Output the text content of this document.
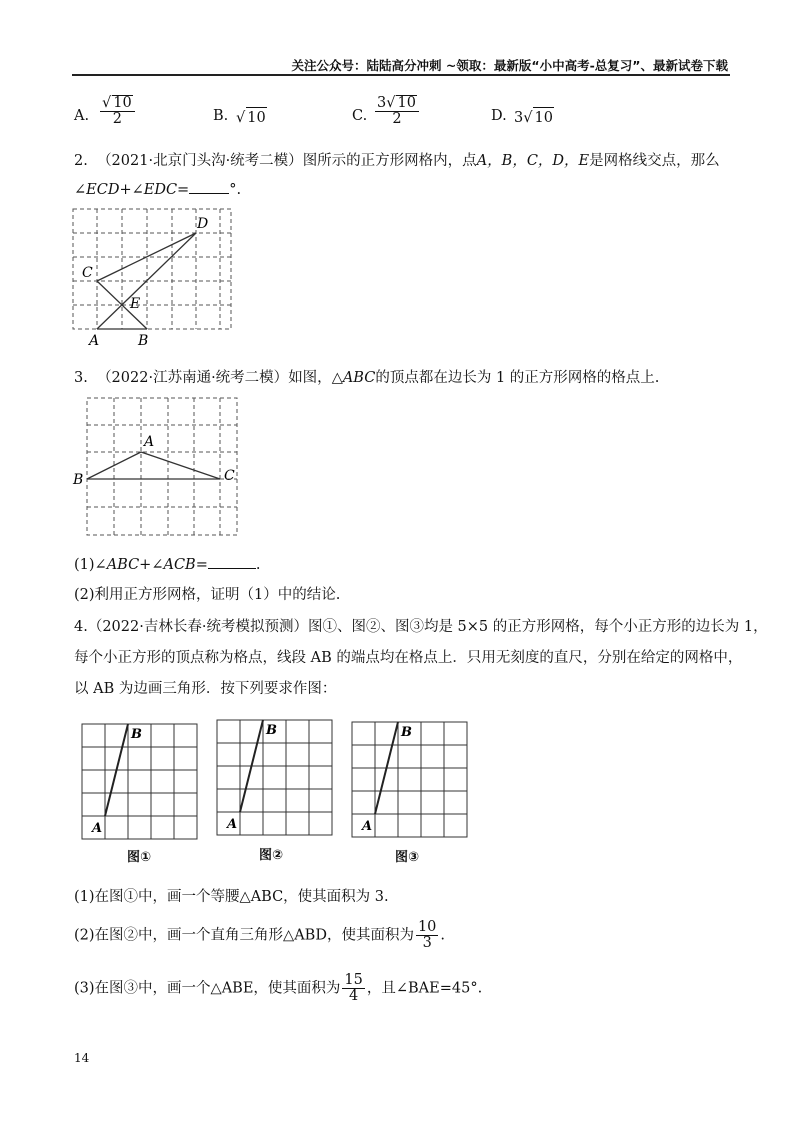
关注公众号：陆陆高分冲刺 ~领取：最新版“小中高考-总复习”、最新试卷下载
A. $\frac{√ 10}{2}$	B. √ 10	C. $\frac{3√ 10}{2}$	D. 3√ 10
2. （2021·北京门头沟·统考二模）图所示的正方形网格内，点A，B，C，D，E是网格线交点，那么
∠ECD+∠EDC=	°.
D
C
E
A	B
3. （2022·江苏南通·统考二模）如图，△ABC的顶点都在边长为 1 的正方形网格的格点上.
A
B	C
(1)∠ABC+∠ACB=	.
(2)利用正方形网格，证明（1）中的结论.
4.（2022·吉林长春·统考模拟预测）图①、图②、图③均是 5×5 的正方形网格，每个小正方形的边长为 1，
每个小正方形的顶点称为格点，线段 AB 的端点均在格点上．只用无刻度的直尺，分别在给定的网格中，
以 AB 为边画三角形．按下列要求作图：
B
A
B
A
B
A
图①	图②	图③
(1)在图①中，画一个等腰△ABC，使其面积为 3.
(2)在图②中，画一个直角三角形△ABD，使其面积为 $\frac{10}{3}$ .
(3)在图③中，画一个△ABE，使其面积为 $\frac{15}{4}$ ，且∠BAE=45°.
14
